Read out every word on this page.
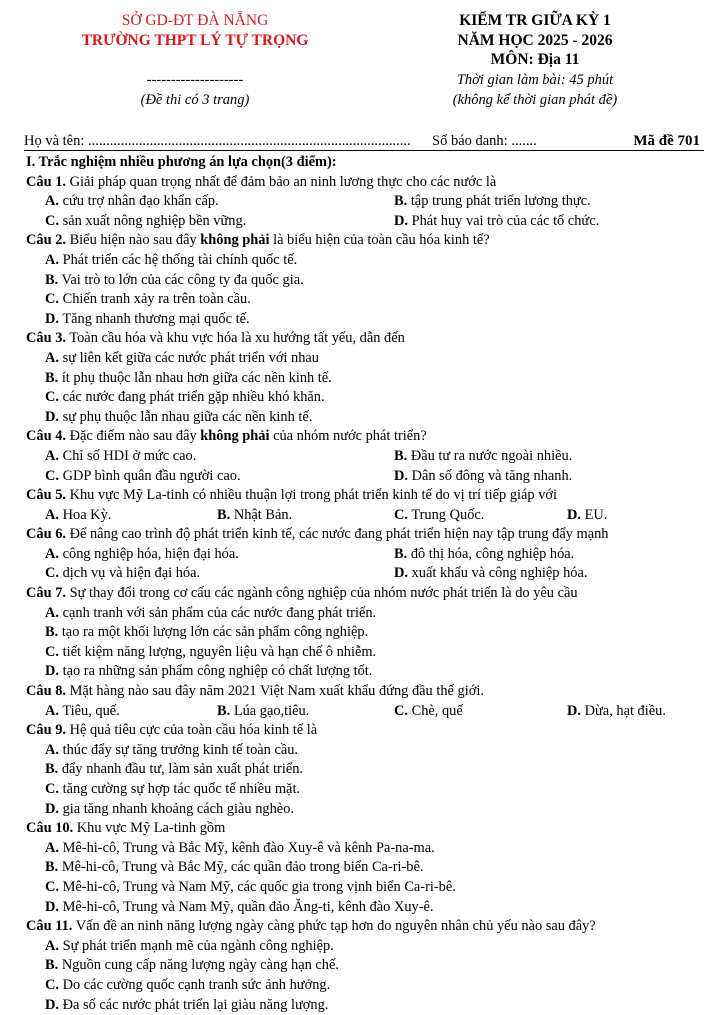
SỞ GD-ĐT ĐÀ NẴNG
TRƯỜNG THPT LÝ TỰ TRỌNG
--------------------
(Đề thi có 3 trang)
KIỂM TR GIỮA KỲ 1
NĂM HỌC 2025 - 2026
MÔN: Địa 11
Thời gian làm bài: 45 phút
(không kể thời gian phát đề)
Họ và tên: ......................................................................................... Số báo danh: .......	Mã đề 701
I. Trắc nghiệm nhiều phương án lựa chọn(3 điểm):
Câu 1. Giải pháp quan trọng nhất để đảm bảo an ninh lương thực cho các nước là
A. cứu trợ nhân đạo khẩn cấp.	B. tập trung phát triển lương thực.
C. sản xuất nông nghiệp bền vững.	D. Phát huy vai trò của các tổ chức.
Câu 2. Biểu hiện nào sau đây không phải là biểu hiện của toàn cầu hóa kinh tế?
A. Phát triển các hệ thống tài chính quốc tế.
B. Vai trò to lớn của các công ty đa quốc gia.
C. Chiến tranh xảy ra trên toàn cầu.
D. Tăng nhanh thương mại quốc tế.
Câu 3. Toàn cầu hóa và khu vực hóa là xu hướng tất yếu, dẫn đến
A. sự liên kết giữa các nước phát triển với nhau
B. ít phụ thuộc lẫn nhau hơn giữa các nền kinh tế.
C. các nước đang phát triển gặp nhiều khó khăn.
D. sự phụ thuộc lẫn nhau giữa các nền kinh tế.
Câu 4. Đặc điểm nào sau đây không phải của nhóm nước phát triển?
A. Chỉ số HDI ở mức cao.	B. Đầu tư ra nước ngoài nhiều.
C. GDP bình quân đầu người cao.	D. Dân số đông và tăng nhanh.
Câu 5. Khu vực Mỹ La-tinh có nhiều thuận lợi trong phát triển kinh tế do vị trí tiếp giáp với
A. Hoa Kỳ.	B. Nhật Bản.	C. Trung Quốc.	D. EU.
Câu 6. Để nâng cao trình độ phát triển kinh tế, các nước đang phát triển hiện nay tập trung đẩy mạnh
A. công nghiệp hóa, hiện đại hóa.	B. đô thị hóa, công nghiệp hóa.
C. dịch vụ và hiện đại hóa.	D. xuất khẩu và công nghiệp hóa.
Câu 7. Sự thay đổi trong cơ cấu các ngành công nghiệp của nhóm nước phát triển là do yêu cầu
A. cạnh tranh với sản phẩm của các nước đang phát triển.
B. tạo ra một khối lượng lớn các sản phẩm công nghiệp.
C. tiết kiệm năng lượng, nguyên liệu và hạn chế ô nhiễm.
D. tạo ra những sản phẩm công nghiệp có chất lượng tốt.
Câu 8. Mặt hàng nào sau đây năm 2021 Việt Nam xuất khẩu đứng đầu thế giới.
A. Tiêu, quế.	B. Lúa gạo,tiêu.	C. Chè, quế	D. Dừa, hạt điều.
Câu 9. Hệ quả tiêu cực của toàn cầu hóa kinh tế là
A. thúc đẩy sự tăng trưởng kinh tế toàn cầu.
B. đẩy nhanh đầu tư, làm sản xuất phát triển.
C. tăng cường sự hợp tác quốc tế nhiều mặt.
D. gia tăng nhanh khoảng cách giàu nghèo.
Câu 10. Khu vực Mỹ La-tinh gồm
A. Mê-hi-cô, Trung và Bắc Mỹ, kênh đào Xuy-ê và kênh Pa-na-ma.
B. Mê-hi-cô, Trung và Bắc Mỹ, các quần đảo trong biển Ca-ri-bê.
C. Mê-hi-cô, Trung và Nam Mỹ, các quốc gia trong vịnh biển Ca-ri-bê.
D. Mê-hi-cô, Trung và Nam Mỹ, quần đảo Ăng-ti, kênh đào Xuy-ê.
Câu 11. Vấn đề an ninh năng lượng ngày càng phức tạp hơn do nguyên nhân chủ yếu nào sau đây?
A. Sự phát triển mạnh mẽ của ngành công nghiệp.
B. Nguồn cung cấp năng lượng ngày càng hạn chế.
C. Do các cường quốc cạnh tranh sức ảnh hưởng.
D. Đa số các nước phát triển lại giàu năng lượng.
